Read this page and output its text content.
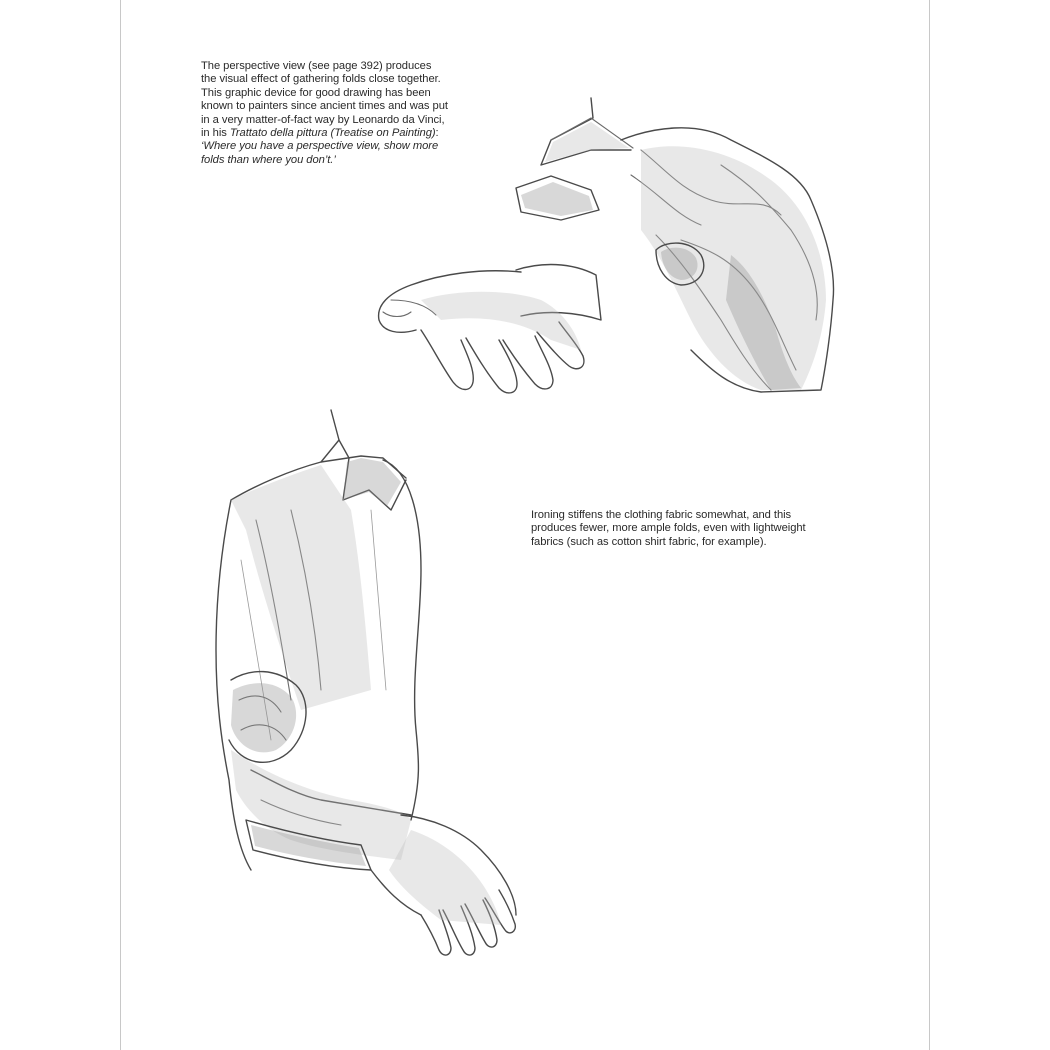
The perspective view (see page 392) produces
the visual effect of gathering folds close together.
This graphic device for good drawing has been
known to painters since ancient times and was put
in a very matter-of-fact way by Leonardo da Vinci,
in his Trattato della pittura (Treatise on Painting):
‘Where you have a perspective view, show more
folds than where you don’t.’
Ironing stiffens the clothing fabric somewhat, and this
produces fewer, more ample folds, even with lightweight
fabrics (such as cotton shirt fabric, for example).
